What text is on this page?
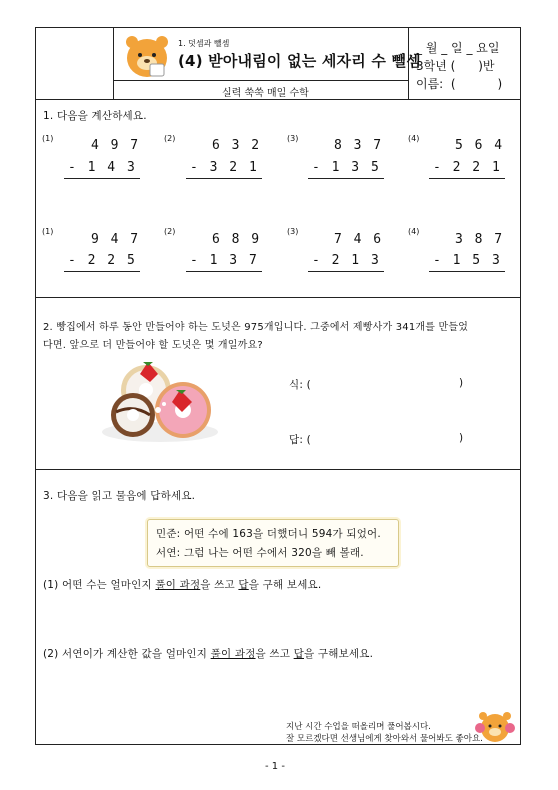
1. 덧셈과 뺄셈
(4) 받아내림이 없는 세자리 수 뺄셈
실력 쑥쑥 매일 수학
_ 월 _ 일 _ 요일
3학년 (      )반
이름:  (           )
1. 다음을 계산하세요.
(1)	4 9 7
- 1 4 3
(2)	6 3 2
- 3 2 1
(3)	8 3 7
- 1 3 5
(4)	5 6 4
- 2 2 1
(1)
9 4 7
- 2 2 5
(2)
6 8 9
- 1 3 7
(3)
7 4 6
- 2 1 3
(4)
3 8 7
- 1 5 3
2. 빵집에서 하루 동안 만들어야 하는 도넛은 975개입니다. 그중에서 제빵사가 341개를 만들었
다면. 앞으로 더 만들어야 할 도넛은 몇 개일까요?
식: (	)
답: (	)
3. 다음을 읽고 물음에 답하세요.
민준: 어떤 수에 163을 더했더니 594가 되었어.
서연: 그럼 나는 어떤 수에서 320을 빼 볼래.
(1) 어떤 수는 얼마인지 풀이 과정을 쓰고 답을 구해 보세요.
(2) 서연이가 계산한 값을 얼마인지 풀이 과정을 쓰고 답을 구해보세요.
지난 시간 수업을 떠올리며 풀어봅시다.
잘 모르겠다면 선생님에게 찾아와서 물어봐도 좋아요.
- 1 -
